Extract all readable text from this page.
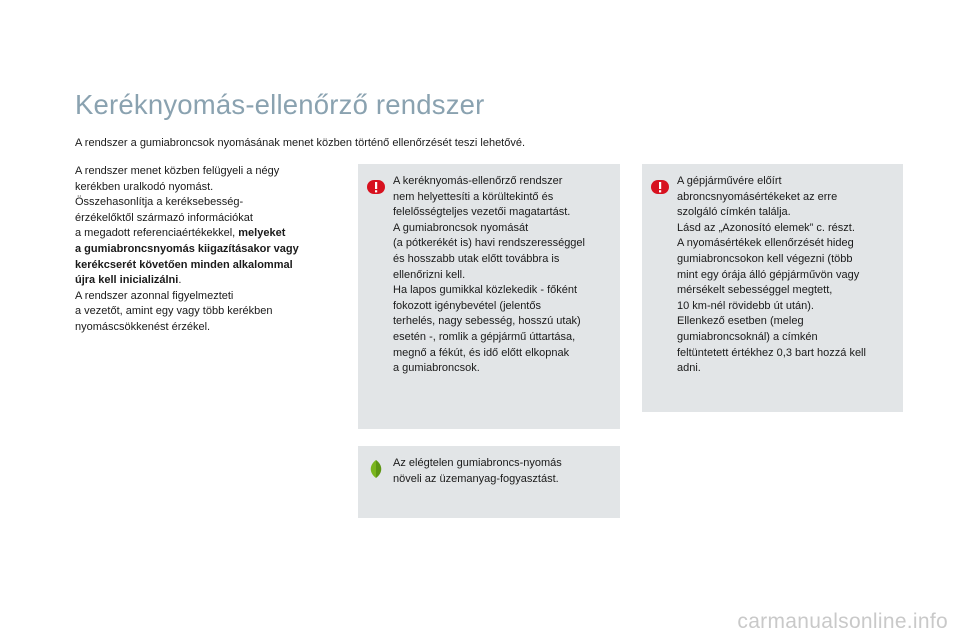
Keréknyomás-ellenőrző rendszer
A rendszer a gumiabroncsok nyomásának menet közben történő ellenőrzését teszi lehetővé.

A rendszer menet közben felügyeli a négy

kerékben uralkodó nyomást.

Összehasonlítja a keréksebesség-

érzékelőktől származó információkat

a megadott referenciaértékekkel, melyeket

a gumiabroncsnyomás kiigazításakor vagy

kerékcserét követően minden alkalommal

újra kell inicializálni.

A rendszer azonnal figyelmezteti

a vezetőt, amint egy vagy több kerékben

nyomáscsökkenést érzékel.

A keréknyomás-ellenőrző rendszer

nem helyettesíti a körültekintő és

felelősségteljes vezetői magatartást.

A gumiabroncsok nyomását

(a pótkerékét is) havi rendszerességgel

és hosszabb utak előtt továbbra is

ellenőrizni kell.

Ha lapos gumikkal közlekedik - főként

fokozott igénybevétel (jelentős

terhelés, nagy sebesség, hosszú utak)

esetén -, romlik a gépjármű úttartása,

megnő a fékút, és idő előtt elkopnak

a gumiabroncsok.

A gépjárművére előírt

abroncsnyomásértékeket az erre

szolgáló címkén találja.

Lásd az „Azonosító elemek” c. részt.

A nyomásértékek ellenőrzését hideg

gumiabroncsokon kell végezni (több

mint egy órája álló gépjárművön vagy

mérsékelt sebességgel megtett,

10 km-nél rövidebb út után).

Ellenkező esetben (meleg

gumiabroncsoknál) a címkén

feltüntetett értékhez 0,3 bart hozzá kell

adni.

Az elégtelen gumiabroncs-nyomás

növeli az üzemanyag-fogyasztást.

carmanualsonline.info
